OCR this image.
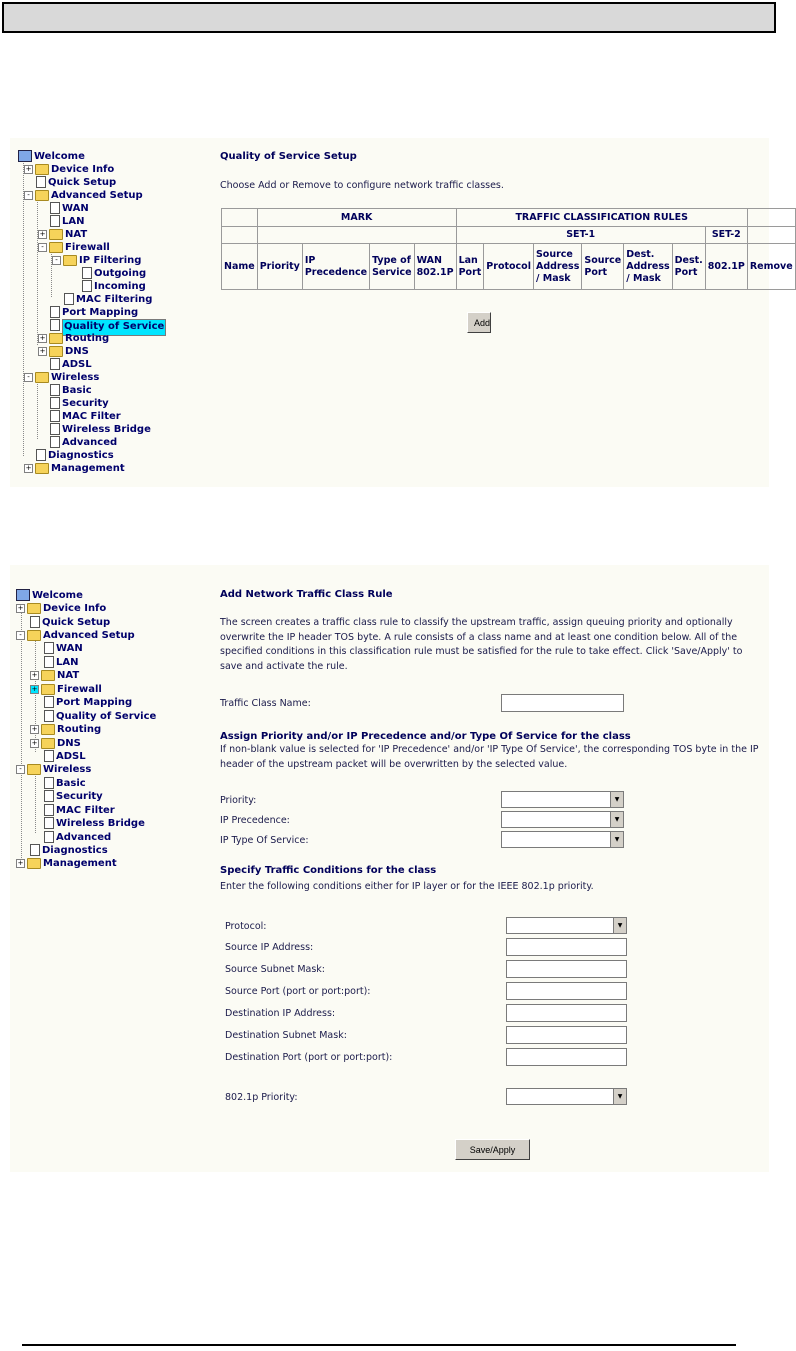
Welcome
+ Device Info
Quick Setup
- Advanced Setup
WAN
LAN
+ NAT
- Firewall
- IP Filtering
Outgoing
Incoming
MAC Filtering
Port Mapping
Quality of Service
+ Routing
+ DNS
ADSL
- Wireless
Basic
Security
MAC Filter
Wireless Bridge
Advanced
Diagnostics
+ Management
Quality of Service Setup
Choose Add or Remove to configure network traffic classes.
	MARK				TRAFFIC CLASSIFICATION RULES							
					SET-1						SET-2	
Name	Priority	IP Precedence	Type of Service	WAN 802.1P	Lan Port	Protocol	Source Address / Mask	Source Port	Dest. Address / Mask	Dest. Port	802.1P	Remove
Add
Welcome
+ Device Info
Quick Setup
- Advanced Setup
WAN
LAN
+ NAT
+ Firewall
Port Mapping
Quality of Service
+ Routing
+ DNS
ADSL
- Wireless
Basic
Security
MAC Filter
Wireless Bridge
Advanced
Diagnostics
+ Management
Add Network Traffic Class Rule
The screen creates a traffic class rule to classify the upstream traffic, assign queuing priority and optionally overwrite the IP header TOS byte. A rule consists of a class name and at least one condition below. All of the specified conditions in this classification rule must be satisfied for the rule to take effect. Click 'Save/Apply' to save and activate the rule.
Traffic Class Name:
Assign Priority and/or IP Precedence and/or Type Of Service for the class
If non-blank value is selected for 'IP Precedence' and/or 'IP Type Of Service', the corresponding TOS byte in the IP header of the upstream packet will be overwritten by the selected value.
Priority:	▼
IP Precedence:	▼
IP Type Of Service:	▼
Specify Traffic Conditions for the class
Enter the following conditions either for IP layer or for the IEEE 802.1p priority.
Protocol:	▼
Source IP Address:
Source Subnet Mask:
Source Port (port or port:port):
Destination IP Address:
Destination Subnet Mask:
Destination Port (port or port:port):
802.1p Priority:	▼
Save/Apply
